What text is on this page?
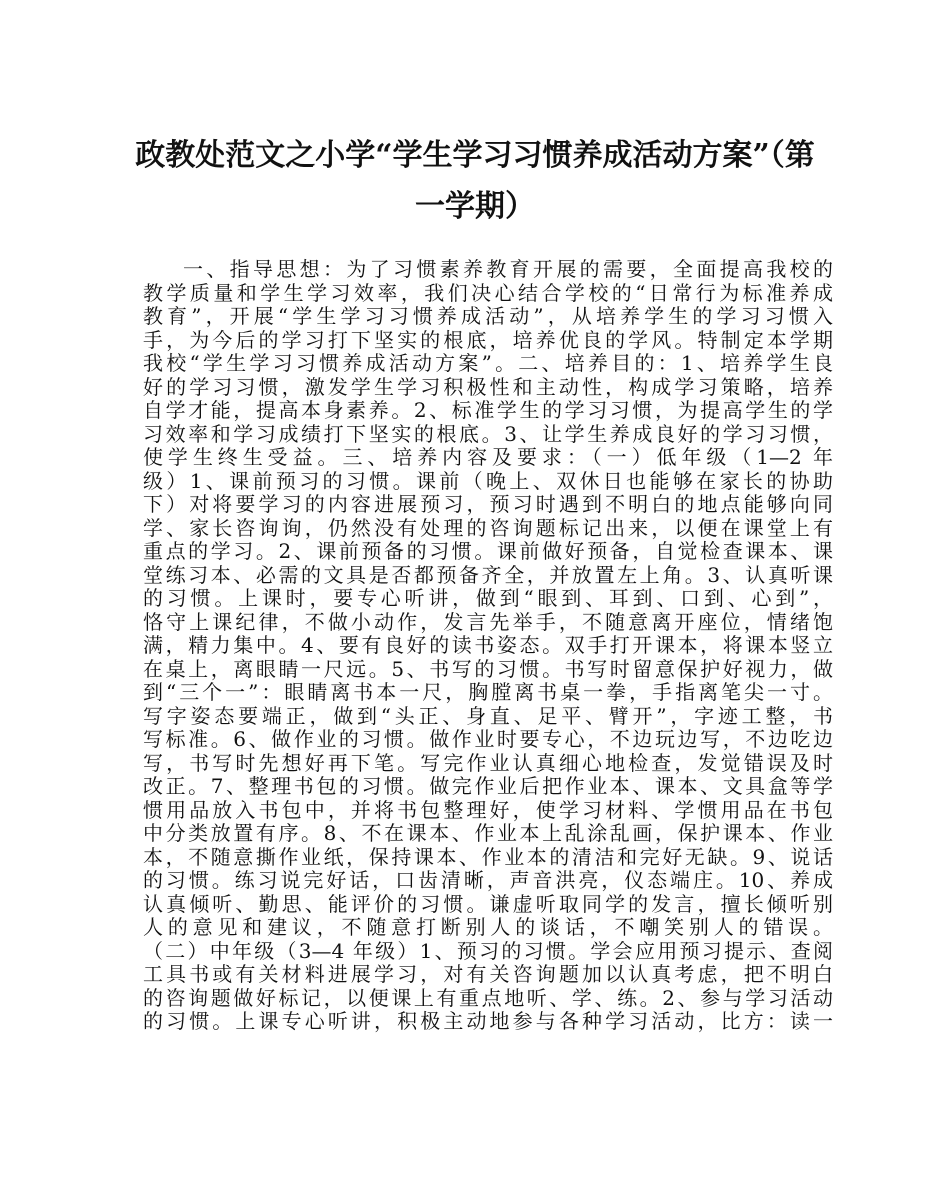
政教处范文之小学“学生学习习惯养成活动方案”（第
一学期）
一、指导思想：为了习惯素养教育开展的需要，全面提高我校的
教学质量和学生学习效率，我们决心结合学校的“日常行为标准养成
教育”，开展“学生学习习惯养成活动”，从培养学生的学习习惯入
手，为今后的学习打下坚实的根底，培养优良的学风。特制定本学期
我校“学生学习习惯养成活动方案”。二、培养目的：1、培养学生良
好的学习习惯，激发学生学习积极性和主动性，构成学习策略，培养
自学才能，提高本身素养。2、标准学生的学习习惯，为提高学生的学
习效率和学习成绩打下坚实的根底。3、让学生养成良好的学习习惯，
使学生终生受益。三、培养内容及要求：（一）低年级（1—2 年
级）1、课前预习的习惯。课前（晚上、双休日也能够在家长的协助
下）对将要学习的内容进展预习，预习时遇到不明白的地点能够向同
学、家长咨询询，仍然没有处理的咨询题标记出来，以便在课堂上有
重点的学习。2、课前预备的习惯。课前做好预备，自觉检查课本、课
堂练习本、必需的文具是否都预备齐全，并放置左上角。3、认真听课
的习惯。上课时，要专心听讲，做到“眼到、耳到、口到、心到”，
恪守上课纪律，不做小动作，发言先举手，不随意离开座位，情绪饱
满，精力集中。4、要有良好的读书姿态。双手打开课本，将课本竖立
在桌上，离眼睛一尺远。5、书写的习惯。书写时留意保护好视力，做
到“三个一”：眼睛离书本一尺，胸膛离书桌一拳，手指离笔尖一寸。
写字姿态要端正，做到“头正、身直、足平、臂开”，字迹工整，书
写标准。6、做作业的习惯。做作业时要专心，不边玩边写，不边吃边
写，书写时先想好再下笔。写完作业认真细心地检查，发觉错误及时
改正。7、整理书包的习惯。做完作业后把作业本、课本、文具盒等学
惯用品放入书包中，并将书包整理好，使学习材料、学惯用品在书包
中分类放置有序。8、不在课本、作业本上乱涂乱画，保护课本、作业
本，不随意撕作业纸，保持课本、作业本的清洁和完好无缺。9、说话
的习惯。练习说完好话，口齿清晰，声音洪亮，仪态端庄。10、养成
认真倾听、勤思、能评价的习惯。谦虚听取同学的发言，擅长倾听别
人的意见和建议，不随意打断别人的谈话，不嘲笑别人的错误。
（二）中年级（3—4 年级）1、预习的习惯。学会应用预习提示、查阅
工具书或有关材料进展学习，对有关咨询题加以认真考虑，把不明白
的咨询题做好标记，以便课上有重点地听、学、练。2、参与学习活动
的习惯。上课专心听讲，积极主动地参与各种学习活动，比方：读一
